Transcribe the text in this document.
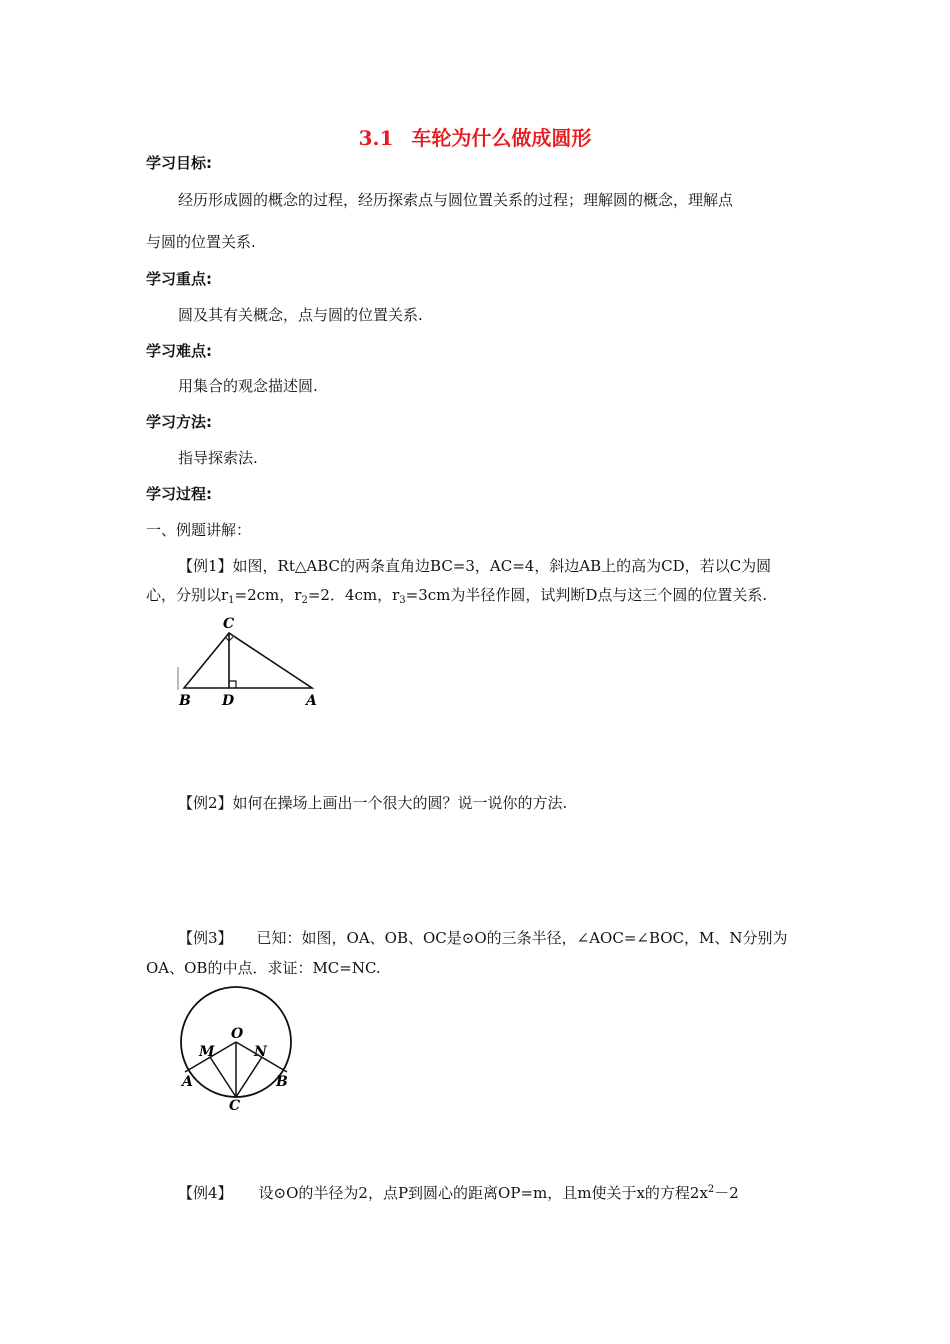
3.1 车轮为什么做成圆形
学习目标:
经历形成圆的概念的过程，经历探索点与圆位置关系的过程；理解圆的概念，理解点
与圆的位置关系.
学习重点:
圆及其有关概念，点与圆的位置关系.
学习难点:
用集合的观念描述圆.
学习方法:
指导探索法.
学习过程:
一、例题讲解：
【例1】如图，Rt△ABC的两条直角边BC=3，AC=4，斜边AB上的高为CD，若以C为圆
心，分别以$r_1=2cm$，$r_2=2$．4cm，$r_3=3cm$为半径作圆，试判断D点与这三个圆的位置关系.
C
B D	A
【例2】如何在操场上画出一个很大的圆？说一说你的方法.
【例3】 已知：如图，OA、OB、OC是⊙O的三条半径，∠AOC=∠BOC，M、N分别为
OA、OB的中点．求证：MC=NC.
O
M	N
A	B
C
【例4】 设⊙O的半径为2，点P到圆心的距离OP=m，且m使关于x的方程$2x^2-2$
